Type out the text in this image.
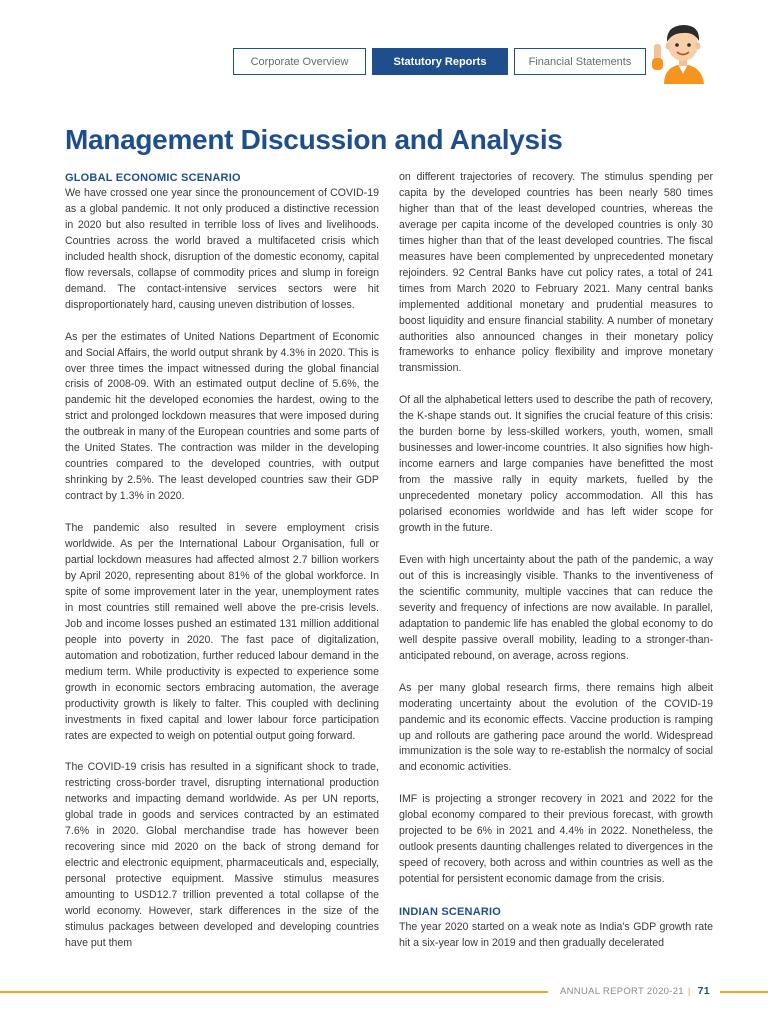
Corporate Overview	Statutory Reports	Financial Statements
Management Discussion and Analysis
GLOBAL ECONOMIC SCENARIO

We have crossed one year since the pronouncement of COVID-19 as a global pandemic. It not only produced a distinctive recession in 2020 but also resulted in terrible loss of lives and livelihoods. Countries across the world braved a multifaceted crisis which included health shock, disruption of the domestic economy, capital flow reversals, collapse of commodity prices and slump in foreign demand. The contact-intensive services sectors were hit disproportionately hard, causing uneven distribution of losses.

As per the estimates of United Nations Department of Economic and Social Affairs, the world output shrank by 4.3% in 2020. This is over three times the impact witnessed during the global financial crisis of 2008-09. With an estimated output decline of 5.6%, the pandemic hit the developed economies the hardest, owing to the strict and prolonged lockdown measures that were imposed during the outbreak in many of the European countries and some parts of the United States. The contraction was milder in the developing countries compared to the developed countries, with output shrinking by 2.5%. The least developed countries saw their GDP contract by 1.3% in 2020.

The pandemic also resulted in severe employment crisis worldwide. As per the International Labour Organisation, full or partial lockdown measures had affected almost 2.7 billion workers by April 2020, representing about 81% of the global workforce. In spite of some improvement later in the year, unemployment rates in most countries still remained well above the pre-crisis levels. Job and income losses pushed an estimated 131 million additional people into poverty in 2020. The fast pace of digitalization, automation and robotization, further reduced labour demand in the medium term. While productivity is expected to experience some growth in economic sectors embracing automation, the average productivity growth is likely to falter. This coupled with declining investments in fixed capital and lower labour force participation rates are expected to weigh on potential output going forward.

The COVID-19 crisis has resulted in a significant shock to trade, restricting cross-border travel, disrupting international production networks and impacting demand worldwide. As per UN reports, global trade in goods and services contracted by an estimated 7.6% in 2020. Global merchandise trade has however been recovering since mid 2020 on the back of strong demand for electric and electronic equipment, pharmaceuticals and, especially, personal protective equipment. Massive stimulus measures amounting to USD12.7 trillion prevented a total collapse of the world economy. However, stark differences in the size of the stimulus packages between developed and developing countries have put them

on different trajectories of recovery. The stimulus spending per capita by the developed countries has been nearly 580 times higher than that of the least developed countries, whereas the average per capita income of the developed countries is only 30 times higher than that of the least developed countries. The fiscal measures have been complemented by unprecedented monetary rejoinders. 92 Central Banks have cut policy rates, a total of 241 times from March 2020 to February 2021. Many central banks implemented additional monetary and prudential measures to boost liquidity and ensure financial stability. A number of monetary authorities also announced changes in their monetary policy frameworks to enhance policy flexibility and improve monetary transmission.

Of all the alphabetical letters used to describe the path of recovery, the K-shape stands out. It signifies the crucial feature of this crisis: the burden borne by less-skilled workers, youth, women, small businesses and lower-income countries. It also signifies how high-income earners and large companies have benefitted the most from the massive rally in equity markets, fuelled by the unprecedented monetary policy accommodation. All this has polarised economies worldwide and has left wider scope for growth in the future.

Even with high uncertainty about the path of the pandemic, a way out of this is increasingly visible. Thanks to the inventiveness of the scientific community, multiple vaccines that can reduce the severity and frequency of infections are now available. In parallel, adaptation to pandemic life has enabled the global economy to do well despite passive overall mobility, leading to a stronger-than-anticipated rebound, on average, across regions.

As per many global research firms, there remains high albeit moderating uncertainty about the evolution of the COVID-19 pandemic and its economic effects. Vaccine production is ramping up and rollouts are gathering pace around the world. Widespread immunization is the sole way to re-establish the normalcy of social and economic activities.

IMF is projecting a stronger recovery in 2021 and 2022 for the global economy compared to their previous forecast, with growth projected to be 6% in 2021 and 4.4% in 2022. Nonetheless, the outlook presents daunting challenges related to divergences in the speed of recovery, both across and within countries as well as the potential for persistent economic damage from the crisis.

INDIAN SCENARIO

The year 2020 started on a weak note as India's GDP growth rate hit a six-year low in 2019 and then gradually decelerated

ANNUAL REPORT 2020-21 | 71
